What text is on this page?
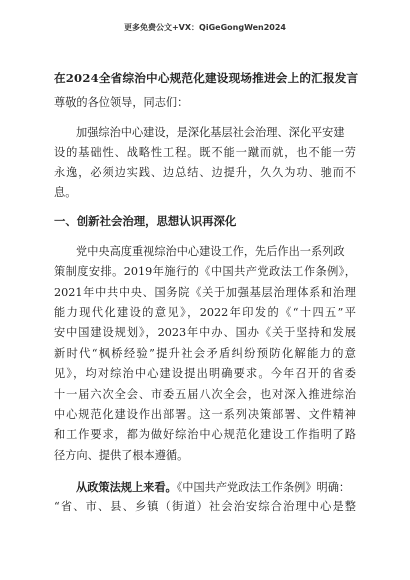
更多免费公文+VX：QiGeGongWen2024
在2024全省综治中心规范化建设现场推进会上的汇报发言
尊敬的各位领导，同志们：
加强综治中心建设，是深化基层社会治理、深化平安建
设的基础性、战略性工程。既不能一蹴而就，也不能一劳
永逸，必须边实践、边总结、边提升，久久为功、驰而不
息。
一、创新社会治理，思想认识再深化
党中央高度重视综治中心建设工作，先后作出一系列政
策制度安排。2019年施行的《中国共产党政法工作条例》，
2021年中共中央、国务院《关于加强基层治理体系和治理
能力现代化建设的意见》，2022年印发的《“十四五”平
安中国建设规划》，2023年中办、国办《关于坚持和发展
新时代“枫桥经验”提升社会矛盾纠纷预防化解能力的意
见》，均对综治中心建设提出明确要求。今年召开的省委
十一届六次全会、市委五届八次全会，也对深入推进综治
中心规范化建设作出部署。这一系列决策部署、文件精神
和工作要求，都为做好综治中心规范化建设工作指明了路
径方向、提供了根本遵循。
从政策法规上来看。《中国共产党政法工作条例》明确：
“省、市、县、乡镇（街道）社会治安综合治理中心是整
